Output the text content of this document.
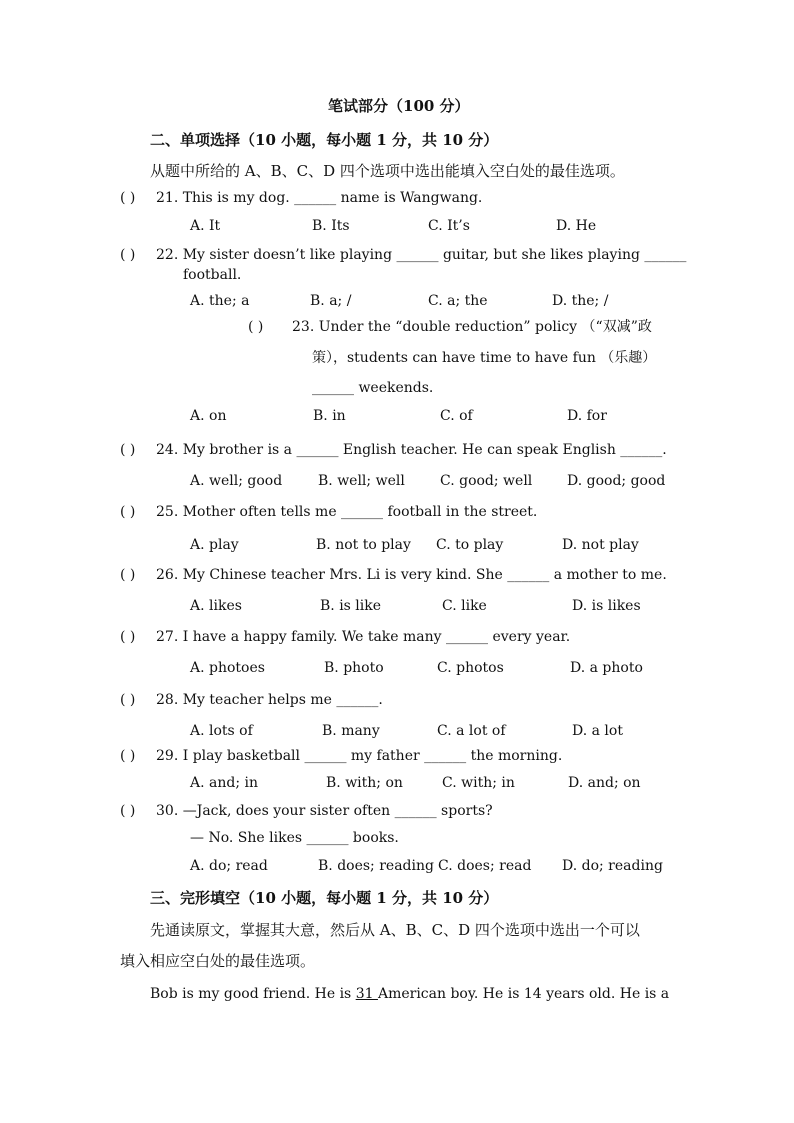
笔试部分（100 分）
二、单项选择（10 小题，每小题 1 分，共 10 分）
从题中所给的 A、B、C、D 四个选项中选出能填入空白处的最佳选项。
( ) 21. This is my dog. ______ name is Wangwang.
A. It	B. Its	C. It’s	D. He
( ) 22. My sister doesn’t like playing ______ guitar, but she likes playing ______
football.
A. the; a	B. a; /	C. a; the	D. the; /
( ) 23. Under the “double reduction” policy （“双减”政
策），students can have time to have fun （乐趣）
______ weekends.
A. on	B. in	C. of	D. for
( ) 24. My brother is a ______ English teacher. He can speak English ______.
A. well; good	B. well; well	C. good; well D. good; good
( ) 25. Mother often tells me ______ football in the street.
A. play	B. not to play C. to play	D. not play
( ) 26. My Chinese teacher Mrs. Li is very kind. She ______ a mother to me.
A. likes	B. is like	C. like	D. is likes
( ) 27. I have a happy family. We take many ______ every year.
A. photoes	B. photo	C. photos	D. a photo
( ) 28. My teacher helps me ______.
A. lots of	B. many	C. a lot of	D. a lot
( ) 29. I play basketball ______ my father ______ the morning.
A. and; in	B. with; on	C. with; in	D. and; on
( ) 30. —Jack, does your sister often ______ sports?
— No. She likes ______ books.
A. do; read	B. does; reading C. does; read D. do; reading
三、完形填空（10 小题，每小题 1 分，共 10 分）
先通读原文，掌握其大意，然后从 A、B、C、D 四个选项中选出一个可以
填入相应空白处的最佳选项。
Bob is my good friend. He is 31 American boy. He is 14 years old. He is a
